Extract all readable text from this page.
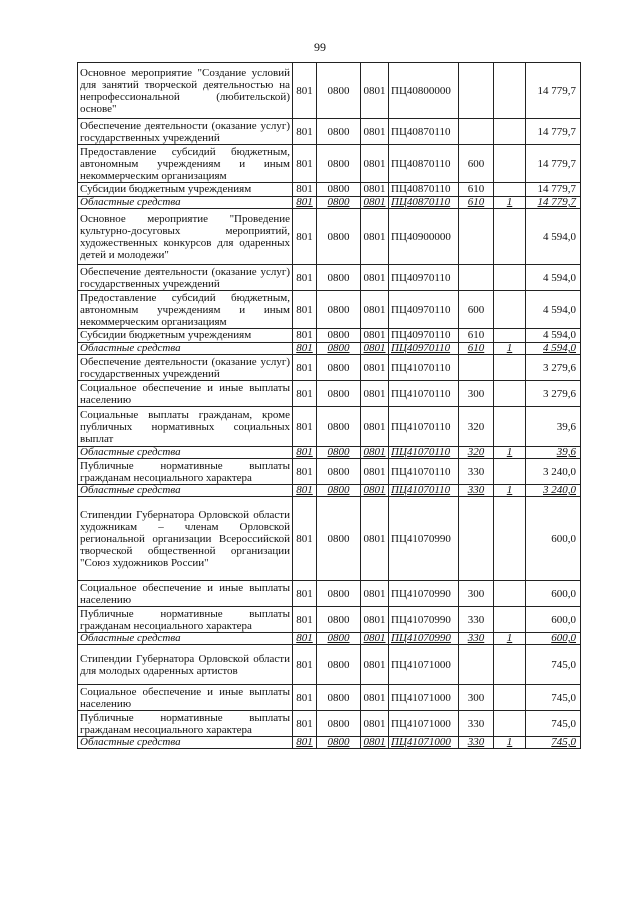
99
Основное мероприятие "Создание условий для занятий творческой деятельностью на непрофессиональной (любительской) основе"	801	0800	0801	ПЦ40800000			14 779,7
Обеспечение деятельности (оказание услуг) государственных учреждений	801	0800	0801	ПЦ40870110			14 779,7
Предоставление субсидий бюджетным, автономным учреждениям и иным некоммерческим организациям	801	0800	0801	ПЦ40870110	600		14 779,7
Субсидии бюджетным учреждениям	801	0800	0801	ПЦ40870110	610		14 779,7
Областные средства	801	0800	0801	ПЦ40870110	610	1	14 779,7
Основное мероприятие "Проведение культурно-досуговых мероприятий, художественных конкурсов для одаренных детей и молодежи"	801	0800	0801	ПЦ40900000			4 594,0
Обеспечение деятельности (оказание услуг) государственных учреждений	801	0800	0801	ПЦ40970110			4 594,0
Предоставление субсидий бюджетным, автономным учреждениям и иным некоммерческим организациям	801	0800	0801	ПЦ40970110	600		4 594,0
Субсидии бюджетным учреждениям	801	0800	0801	ПЦ40970110	610		4 594,0
Областные средства	801	0800	0801	ПЦ40970110	610	1	4 594,0
Обеспечение деятельности (оказание услуг) государственных учреждений	801	0800	0801	ПЦ41070110			3 279,6
Социальное обеспечение и иные выплаты населению	801	0800	0801	ПЦ41070110	300		3 279,6
Социальные выплаты гражданам, кроме публичных нормативных социальных выплат	801	0800	0801	ПЦ41070110	320		39,6
Областные средства	801	0800	0801	ПЦ41070110	320	1	39,6
Публичные нормативные выплаты гражданам несоциального характера	801	0800	0801	ПЦ41070110	330		3 240,0
Областные средства	801	0800	0801	ПЦ41070110	330	1	3 240,0
Стипендии Губернатора Орловской области художникам – членам Орловской региональной организации Всероссийской творческой общественной организации "Союз художников России"	801	0800	0801	ПЦ41070990			600,0
Социальное обеспечение и иные выплаты населению	801	0800	0801	ПЦ41070990	300		600,0
Публичные нормативные выплаты гражданам несоциального характера	801	0800	0801	ПЦ41070990	330		600,0
Областные средства	801	0800	0801	ПЦ41070990	330	1	600,0
Стипендии Губернатора Орловской области для молодых одаренных артистов	801	0800	0801	ПЦ41071000			745,0
Социальное обеспечение и иные выплаты населению	801	0800	0801	ПЦ41071000	300		745,0
Публичные нормативные выплаты гражданам несоциального характера	801	0800	0801	ПЦ41071000	330		745,0
Областные средства	801	0800	0801	ПЦ41071000	330	1	745,0
